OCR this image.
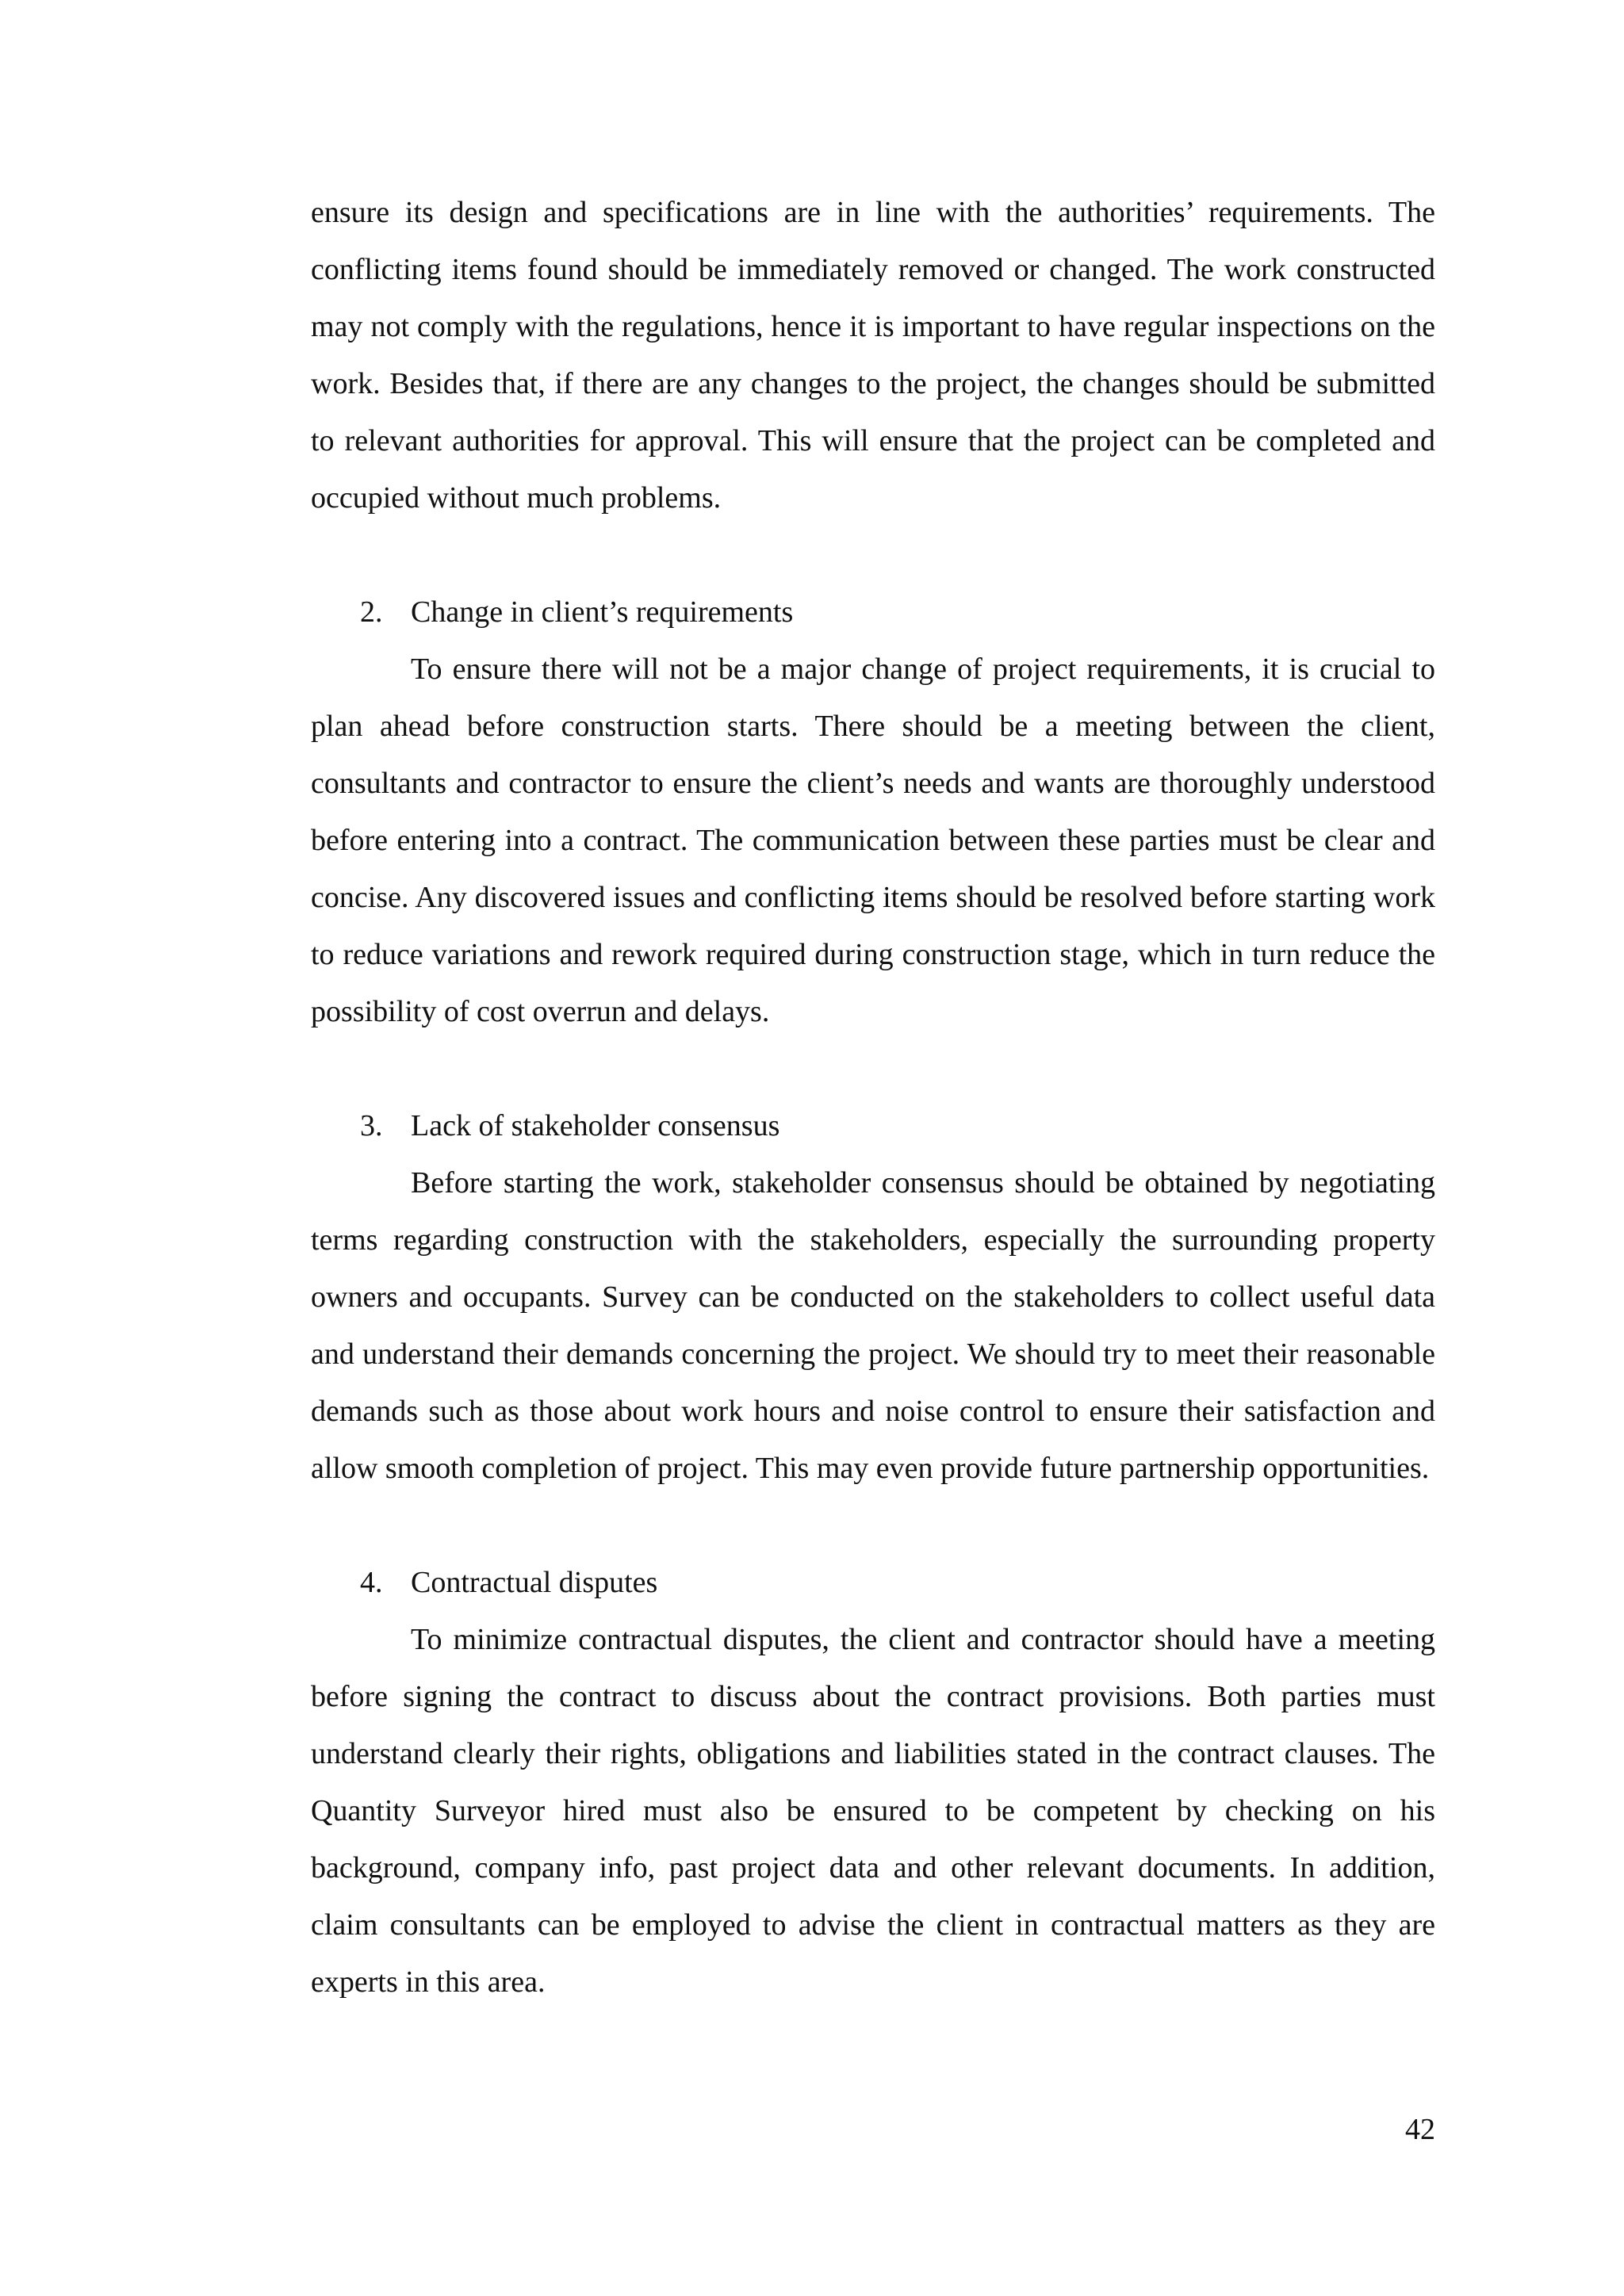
ensure its design and specifications are in line with the authorities’ requirements. The conflicting items found should be immediately removed or changed. The work constructed may not comply with the regulations, hence it is important to have regular inspections on the work. Besides that, if there are any changes to the project, the changes should be submitted to relevant authorities for approval. This will ensure that the project can be completed and occupied without much problems.

2. Change in client’s requirements

To ensure there will not be a major change of project requirements, it is crucial to plan ahead before construction starts. There should be a meeting between the client, consultants and contractor to ensure the client’s needs and wants are thoroughly understood before entering into a contract. The communication between these parties must be clear and concise. Any discovered issues and conflicting items should be resolved before starting work to reduce variations and rework required during construction stage, which in turn reduce the possibility of cost overrun and delays.

3. Lack of stakeholder consensus

Before starting the work, stakeholder consensus should be obtained by negotiating terms regarding construction with the stakeholders, especially the surrounding property owners and occupants. Survey can be conducted on the stakeholders to collect useful data and understand their demands concerning the project. We should try to meet their reasonable demands such as those about work hours and noise control to ensure their satisfaction and allow smooth completion of project. This may even provide future partnership opportunities.

4. Contractual disputes

To minimize contractual disputes, the client and contractor should have a meeting before signing the contract to discuss about the contract provisions. Both parties must understand clearly their rights, obligations and liabilities stated in the contract clauses. The Quantity Surveyor hired must also be ensured to be competent by checking on his background, company info, past project data and other relevant documents. In addition, claim consultants can be employed to advise the client in contractual matters as they are experts in this area.

42
